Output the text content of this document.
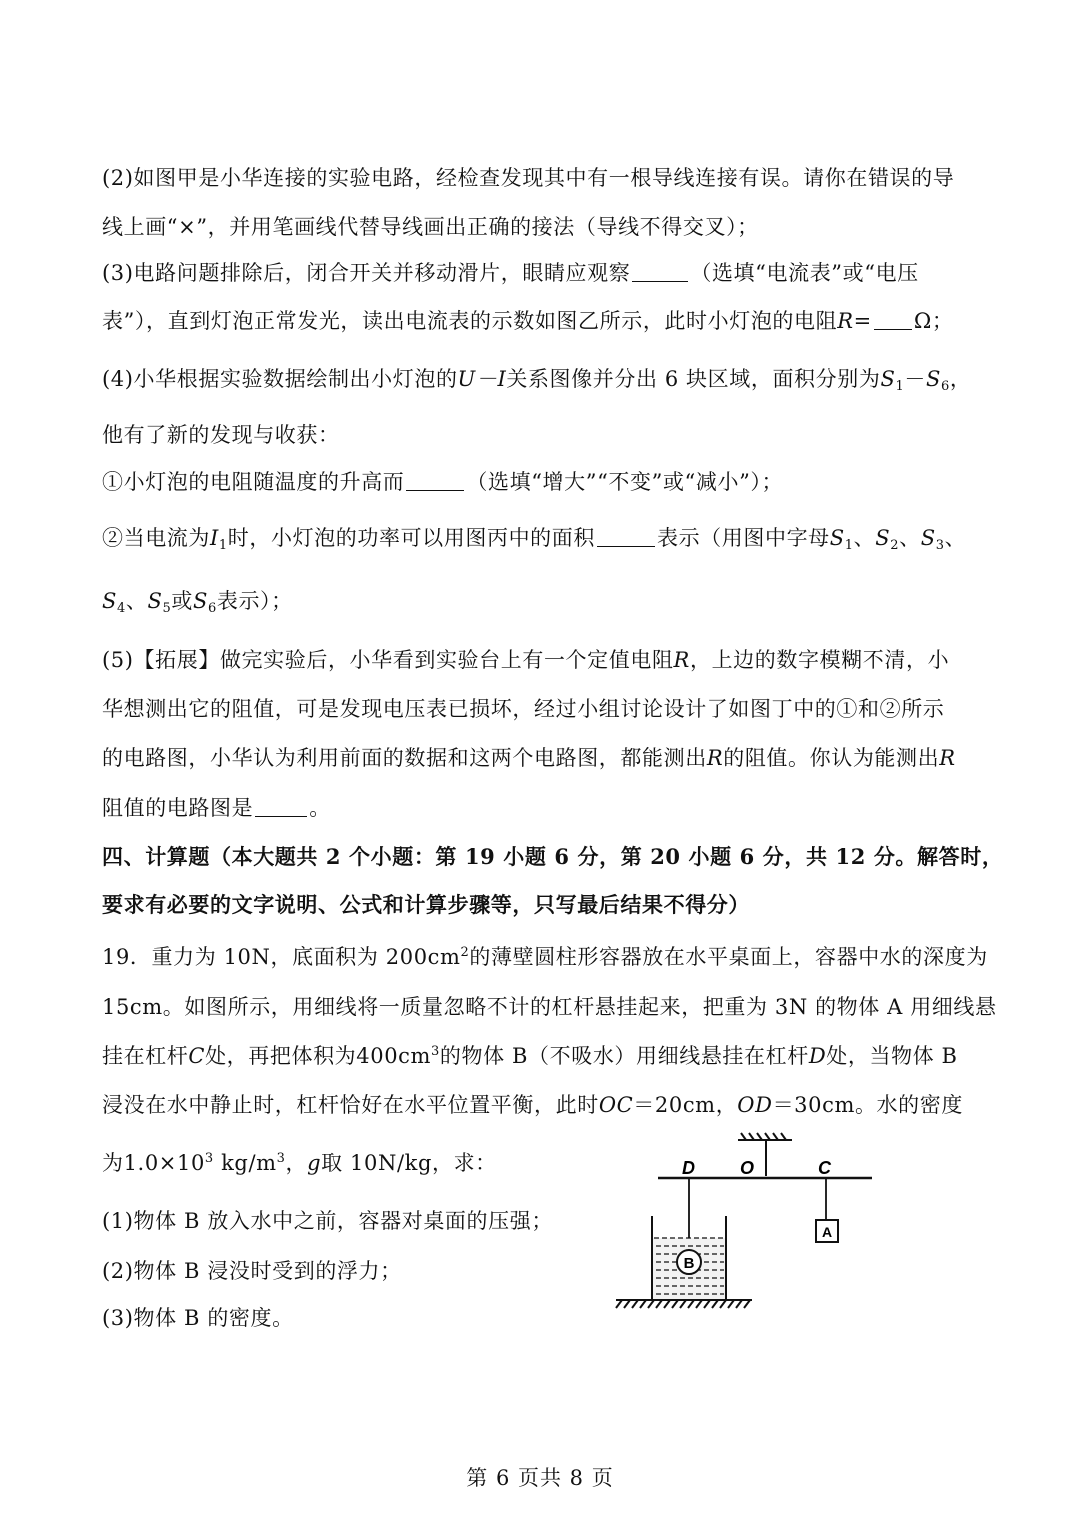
(2)如图甲是小华连接的实验电路，经检查发现其中有一根导线连接有误。请你在错误的导
线上画“×”，并用笔画线代替导线画出正确的接法（导线不得交叉）；
(3)电路问题排除后，闭合开关并移动滑片，眼睛应观察	（选填“电流表”或“电压
表”），直到灯泡正常发光，读出电流表的示数如图乙所示，此时小灯泡的电阻R= Ω；
(4)小华根据实验数据绘制出小灯泡的U－I关系图像并分出 6 块区域，面积分别为$S_1-S_6$，
他有了新的发现与收获：
①小灯泡的电阻随温度的升高而	（选填“增大”“不变”或“减小”）；
②当电流为$I_1$时，小灯泡的功率可以用图丙中的面积	表示（用图中字母$S_1$、$S_2$、$S_3$、
$S_4$、$S_5$或$S_6$表示）；
(5)【拓展】做完实验后，小华看到实验台上有一个定值电阻R，上边的数字模糊不清，小
华想测出它的阻值，可是发现电压表已损坏，经过小组讨论设计了如图丁中的①和②所示
的电路图，小华认为利用前面的数据和这两个电路图，都能测出R的阻值。你认为能测出R
阻值的电路图是	。
四、计算题（本大题共 2 个小题：第 19 小题 6 分，第 20 小题 6 分，共 12 分。解答时，
要求有必要的文字说明、公式和计算步骤等，只写最后结果不得分）
19．重力为 10N，底面积为 $200cm^2$的薄壁圆柱形容器放在水平桌面上，容器中水的深度为
15cm。如图所示，用细线将一质量忽略不计的杠杆悬挂起来，把重为 3N 的物体 A 用细线悬
挂在杠杆C处，再把体积为$400cm^3$的物体 B（不吸水）用细线悬挂在杠杆D处，当物体 B
浸没在水中静止时，杠杆恰好在水平位置平衡，此时OC＝20cm，OD＝30cm。水的密度
为$1.0\times 10^3$ $kg/m^3$，g取 10N/kg，求：
(1)物体 B 放入水中之前，容器对桌面的压强；
(2)物体 B 浸没时受到的浮力；
(3)物体 B 的密度。
D	O	C
A
B
第 6 页共 8 页
